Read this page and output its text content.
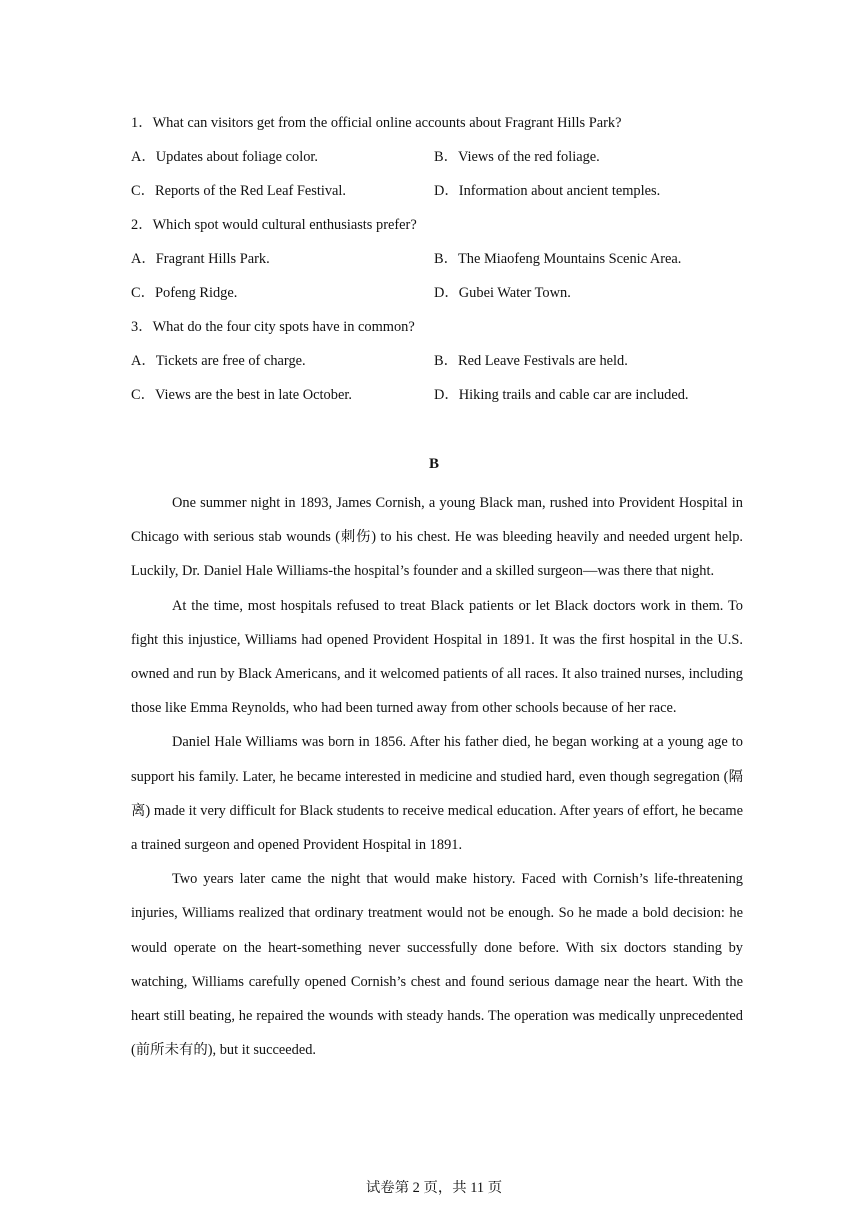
1．What can visitors get from the official online accounts about Fragrant Hills Park?
A．Updates about foliage color.	B．Views of the red foliage.
C．Reports of the Red Leaf Festival.	D．Information about ancient temples.
2．Which spot would cultural enthusiasts prefer?
A．Fragrant Hills Park.	B．The Miaofeng Mountains Scenic Area.
C．Pofeng Ridge.	D．Gubei Water Town.
3．What do the four city spots have in common?
A．Tickets are free of charge.	B．Red Leave Festivals are held.
C．Views are the best in late October.	D．Hiking trails and cable car are included.
B

One summer night in 1893, James Cornish, a young Black man, rushed into Provident Hospital in Chicago with serious stab wounds (刺伤) to his chest. He was bleeding heavily and needed urgent help. Luckily, Dr. Daniel Hale Williams-the hospital’s founder and a skilled surgeon—was there that night.

At the time, most hospitals refused to treat Black patients or let Black doctors work in them. To fight this injustice, Williams had opened Provident Hospital in 1891. It was the first hospital in the U.S. owned and run by Black Americans, and it welcomed patients of all races. It also trained nurses, including those like Emma Reynolds, who had been turned away from other schools because of her race.

Daniel Hale Williams was born in 1856. After his father died, he began working at a young age to support his family. Later, he became interested in medicine and studied hard, even though segregation (隔离) made it very difficult for Black students to receive medical education. After years of effort, he became a trained surgeon and opened Provident Hospital in 1891.

Two years later came the night that would make history. Faced with Cornish’s life-threatening injuries, Williams realized that ordinary treatment would not be enough. So he made a bold decision: he would operate on the heart-something never successfully done before. With six doctors standing by watching, Williams carefully opened Cornish’s chest and found serious damage near the heart. With the heart still beating, he repaired the wounds with steady hands. The operation was medically unprecedented (前所未有的), but it succeeded.

试卷第 2 页，共 11 页
